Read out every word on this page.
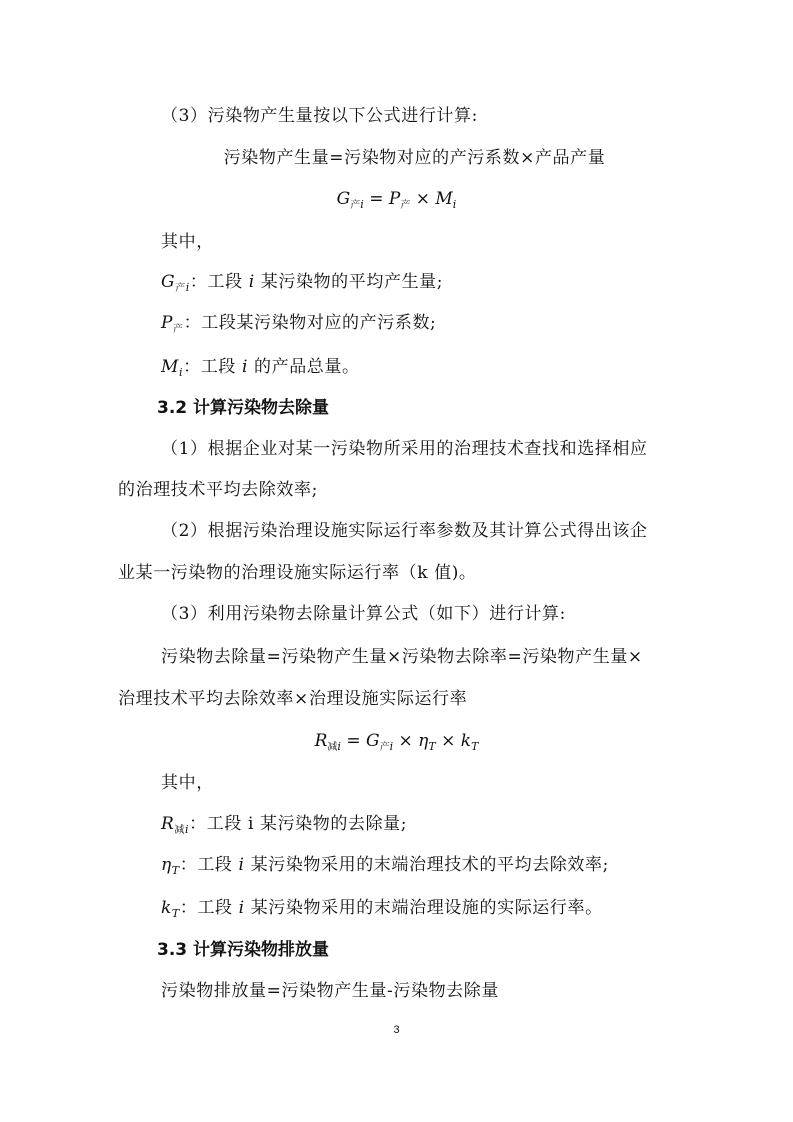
（3）污染物产生量按以下公式进行计算:
污染物产生量=污染物对应的产污系数×产品产量
$G_{产i} = P_产 \times M_i$
其中，
$G_{产i}$：工段 i 某污染物的平均产生量;
$P_产$：工段某污染物对应的产污系数;
$M_i$：工段 i 的产品总量。
3.2 计算污染物去除量
（1）根据企业对某一污染物所采用的治理技术查找和选择相应
的治理技术平均去除效率;
（2）根据污染治理设施实际运行率参数及其计算公式得出该企
业某一污染物的治理设施实际运行率（k 值)。
（3）利用污染物去除量计算公式（如下）进行计算:
污染物去除量=污染物产生量×污染物去除率=污染物产生量×
治理技术平均去除效率×治理设施实际运行率
$R_{减i} = G_{产i} \times \eta_T \times k_T$
其中，
$R_{减i}$：工段 i 某污染物的去除量;
$\eta_T$：工段 i 某污染物采用的末端治理技术的平均去除效率;
$k_T$：工段 i 某污染物采用的末端治理设施的实际运行率。
3.3 计算污染物排放量
污染物排放量=污染物产生量-污染物去除量
3
